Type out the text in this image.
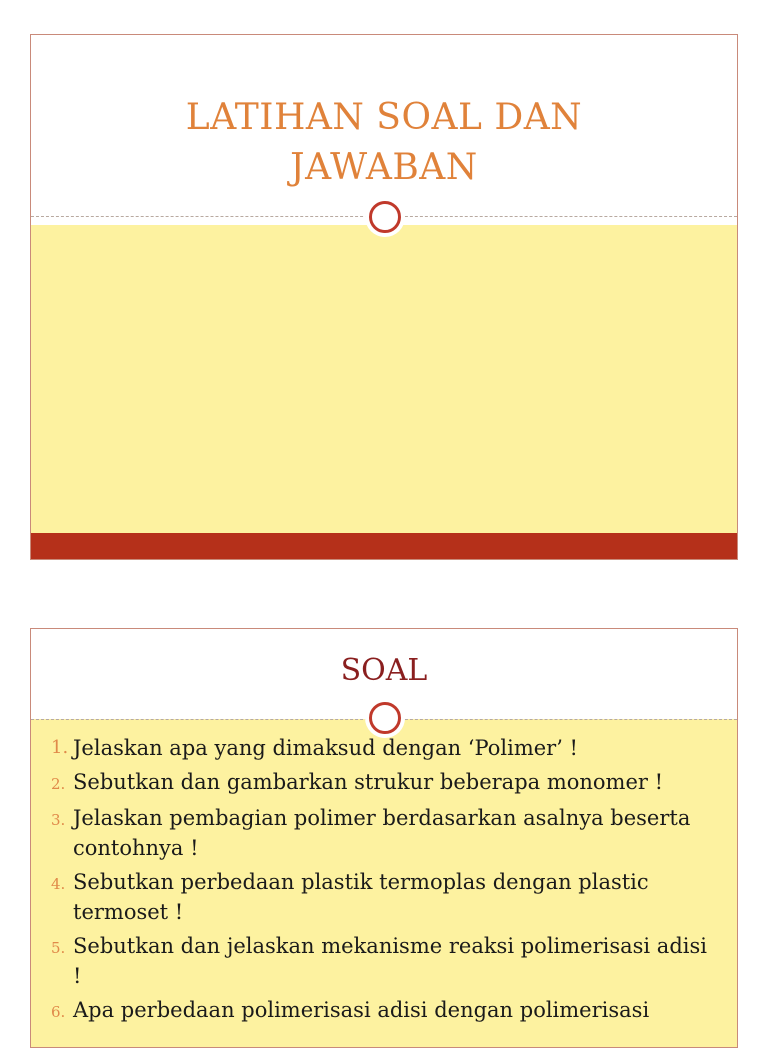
LATIHAN SOAL DAN
JAWABAN
SOAL
1. Jelaskan apa yang dimaksud dengan ‘Polimer’ !
2. Sebutkan dan gambarkan strukur beberapa monomer !
3. Jelaskan pembagian polimer berdasarkan asalnya beserta contohnya !
4. Sebutkan perbedaan plastik termoplas dengan plastic termoset !
5. Sebutkan dan jelaskan mekanisme reaksi polimerisasi adisi !
6. Apa perbedaan polimerisasi adisi dengan polimerisasi
